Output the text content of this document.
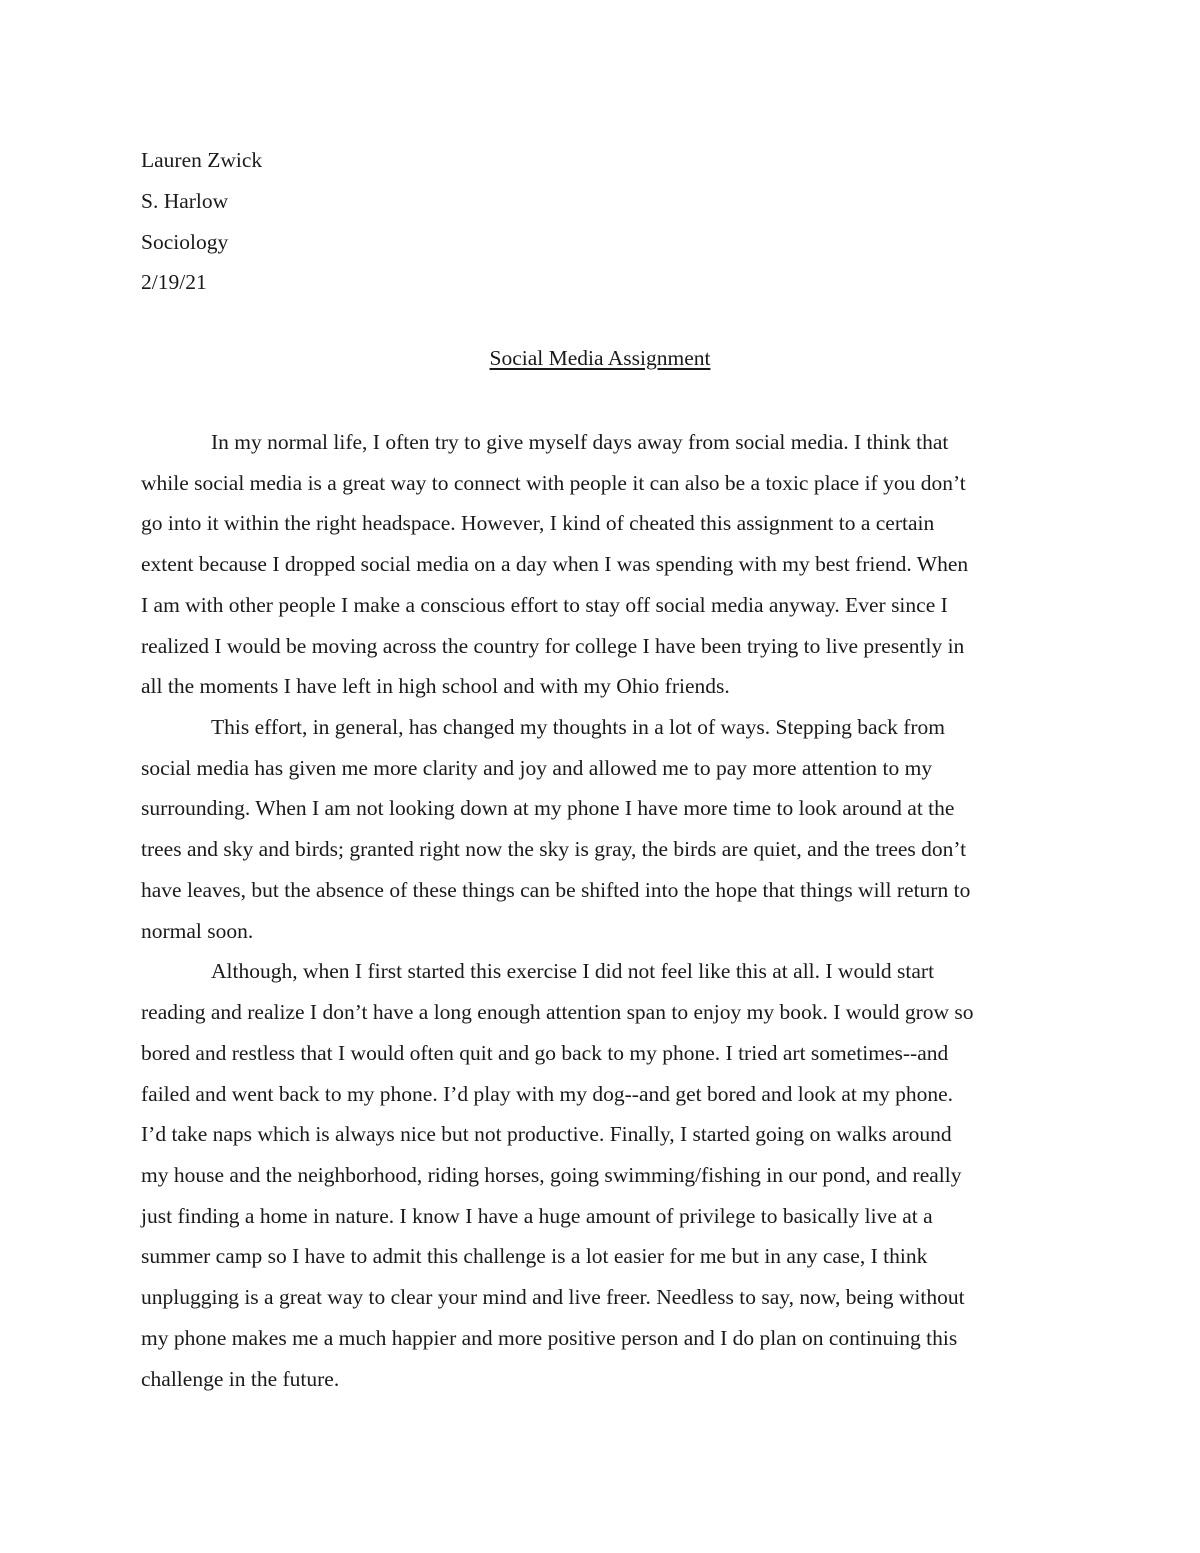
Lauren Zwick
S. Harlow
Sociology
2/19/21
Social Media Assignment

In my normal life, I often try to give myself days away from social media. I think that
while social media is a great way to connect with people it can also be a toxic place if you don’t
go into it within the right headspace. However, I kind of cheated this assignment to a certain
extent because I dropped social media on a day when I was spending with my best friend. When
I am with other people I make a conscious effort to stay off social media anyway. Ever since I
realized I would be moving across the country for college I have been trying to live presently in
all the moments I have left in high school and with my Ohio friends.

This effort, in general, has changed my thoughts in a lot of ways. Stepping back from
social media has given me more clarity and joy and allowed me to pay more attention to my
surrounding. When I am not looking down at my phone I have more time to look around at the
trees and sky and birds; granted right now the sky is gray, the birds are quiet, and the trees don’t
have leaves, but the absence of these things can be shifted into the hope that things will return to
normal soon.

Although, when I first started this exercise I did not feel like this at all. I would start
reading and realize I don’t have a long enough attention span to enjoy my book. I would grow so
bored and restless that I would often quit and go back to my phone. I tried art sometimes--and
failed and went back to my phone. I’d play with my dog--and get bored and look at my phone.
I’d take naps which is always nice but not productive. Finally, I started going on walks around
my house and the neighborhood, riding horses, going swimming/fishing in our pond, and really
just finding a home in nature. I know I have a huge amount of privilege to basically live at a
summer camp so I have to admit this challenge is a lot easier for me but in any case, I think
unplugging is a great way to clear your mind and live freer. Needless to say, now, being without
my phone makes me a much happier and more positive person and I do plan on continuing this
challenge in the future.
